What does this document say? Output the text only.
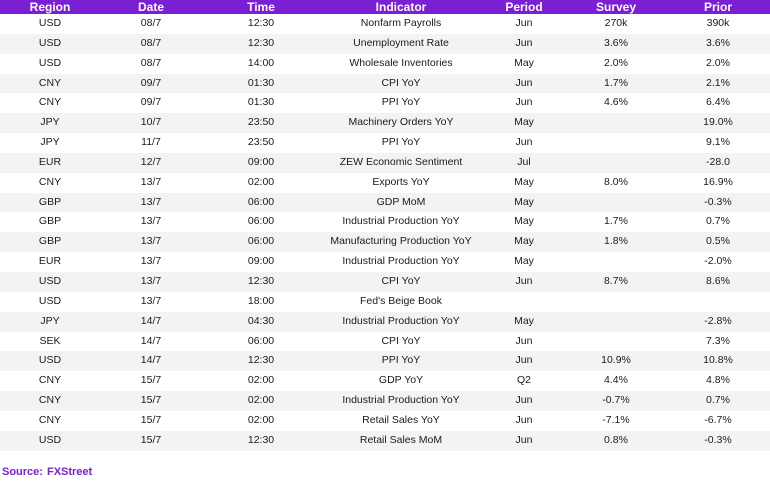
Region	Date	Time	Indicator	Period	Survey	Prior
USD	08/7	12:30	Nonfarm Payrolls	Jun	270k	390k
USD	08/7	12:30	Unemployment Rate	Jun	3.6%	3.6%
USD	08/7	14:00	Wholesale Inventories	May	2.0%	2.0%
CNY	09/7	01:30	CPI YoY	Jun	1.7%	2.1%
CNY	09/7	01:30	PPI YoY	Jun	4.6%	6.4%
JPY	10/7	23:50	Machinery Orders YoY	May		19.0%
JPY	11/7	23:50	PPI YoY	Jun		9.1%
EUR	12/7	09:00	ZEW Economic Sentiment	Jul		-28.0
CNY	13/7	02:00	Exports YoY	May	8.0%	16.9%
GBP	13/7	06:00	GDP MoM	May		-0.3%
GBP	13/7	06:00	Industrial Production YoY	May	1.7%	0.7%
GBP	13/7	06:00	Manufacturing Production YoY	May	1.8%	0.5%
EUR	13/7	09:00	Industrial Production YoY	May		-2.0%
USD	13/7	12:30	CPI YoY	Jun	8.7%	8.6%
USD	13/7	18:00	Fed's Beige Book			
JPY	14/7	04:30	Industrial Production YoY	May		-2.8%
SEK	14/7	06:00	CPI YoY	Jun		7.3%
USD	14/7	12:30	PPI YoY	Jun	10.9%	10.8%
CNY	15/7	02:00	GDP YoY	Q2	4.4%	4.8%
CNY	15/7	02:00	Industrial Production YoY	Jun	-0.7%	0.7%
CNY	15/7	02:00	Retail Sales YoY	Jun	-7.1%	-6.7%
USD	15/7	12:30	Retail Sales MoM	Jun	0.8%	-0.3%
Source: FXStreet
